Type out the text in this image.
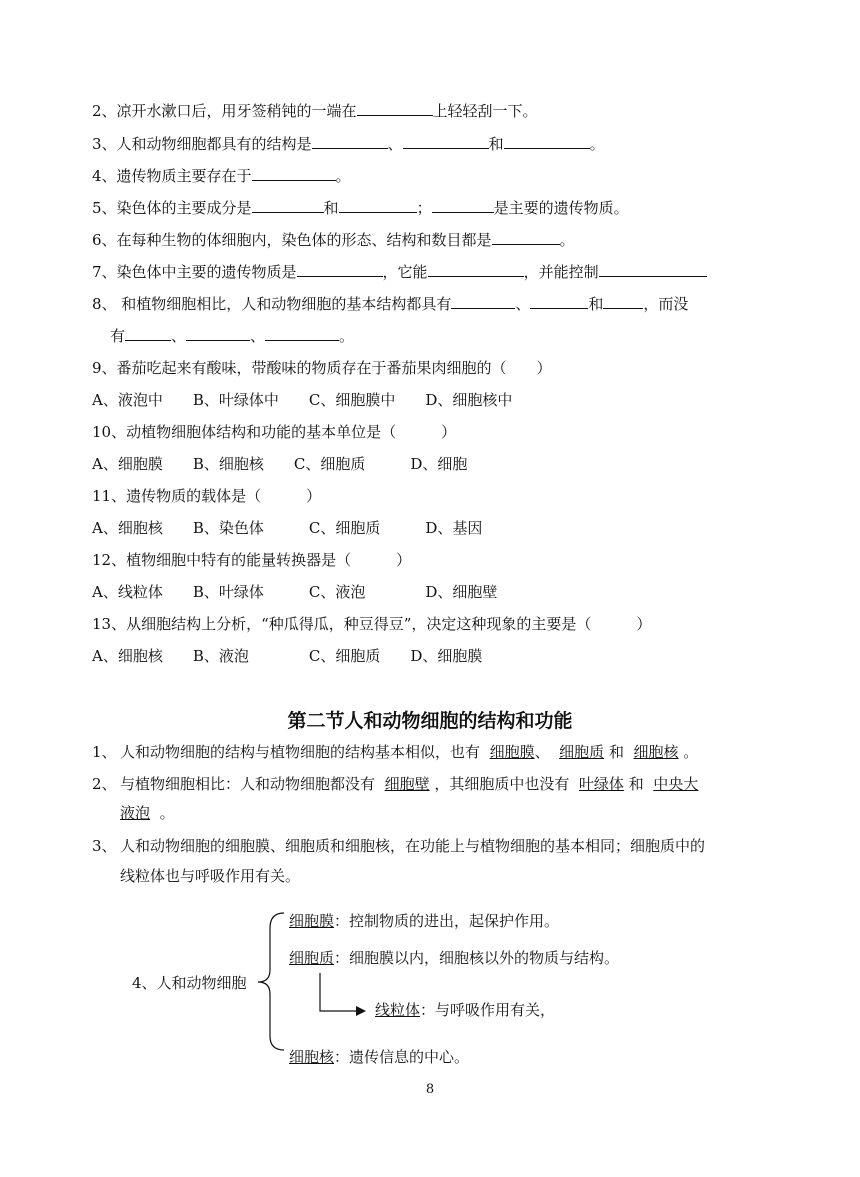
2、凉开水漱口后，用牙签稍钝的一端在	上轻轻刮一下。
3、人和动物细胞都具有的结构是	、	和	。
4、遗传物质主要存在于	。
5、染色体的主要成分是	和	；	是主要的遗传物质。
6、在每种生物的体细胞内，染色体的形态、结构和数目都是	。
7、染色体中主要的遗传物质是	，它能	，并能控制
8、 和植物细胞相比，人和动物细胞的基本结构都具有	、	和	，而没
有	、	、	。
9、番茄吃起来有酸味，带酸味的物质存在于番茄果肉细胞的（　　）
A、液泡中　　B、叶绿体中　　C、细胞膜中　　D、细胞核中
10、动植物细胞体结构和功能的基本单位是（　　　）
A、细胞膜　　B、细胞核　　C、细胞质　　　D、细胞
11、遗传物质的载体是（　　　）
A、细胞核　　B、染色体　　　C、细胞质　　　D、基因
12、植物细胞中特有的能量转换器是（　　　）
A、线粒体　　B、叶绿体　　　C、液泡　　　　D、细胞壁
13、从细胞结构上分析，“种瓜得瓜，种豆得豆”，决定这种现象的主要是（　　　）
A、细胞核　　B、液泡　　　　C、细胞质　　D、细胞膜
第二节人和动物细胞的结构和功能
1、 人和动物细胞的结构与植物细胞的结构基本相似，也有 细胞膜、 细胞质 和 细胞核 。
2、 与植物细胞相比：人和动物细胞都没有 细胞壁 ，其细胞质中也没有 叶绿体 和 中央大
液泡 。
3、 人和动物细胞的细胞膜、细胞质和细胞核，在功能上与植物细胞的基本相同；细胞质中的
线粒体也与呼吸作用有关。
4、人和动物细胞
细胞膜：控制物质的进出，起保护作用。
细胞质：细胞膜以内，细胞核以外的物质与结构。
线粒体：与呼吸作用有关，
细胞核：遗传信息的中心。
8
